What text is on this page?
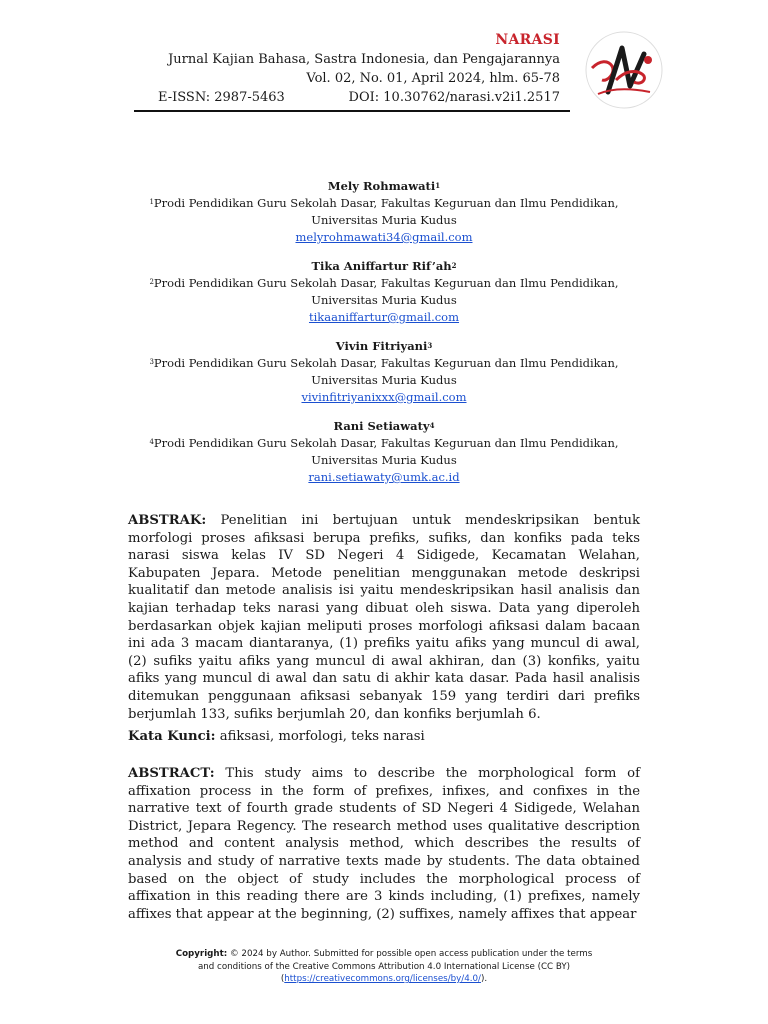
NARASI
Jurnal Kajian Bahasa, Sastra Indonesia, dan Pengajarannya
Vol. 02, No. 01, April 2024, hlm. 65-78
E-ISSN: 2987-5463	DOI: 10.30762/narasi.v2i1.2517
Mely Rohmawati$^1$
$^1$Prodi Pendidikan Guru Sekolah Dasar, Fakultas Keguruan dan Ilmu Pendidikan,
Universitas Muria Kudus
melyrohmawati34@gmail.com
Tika Aniffartur $Rif’ah^2$
$^2$Prodi Pendidikan Guru Sekolah Dasar, Fakultas Keguruan dan Ilmu Pendidikan,
Universitas Muria Kudus
tikaaniffartur@gmail.com
Vivin Fitriyani$^3$
$^3$Prodi Pendidikan Guru Sekolah Dasar, Fakultas Keguruan dan Ilmu Pendidikan,
Universitas Muria Kudus
vivinfitriyanixxx@gmail.com
Rani Setiawaty$^4$
$^4$Prodi Pendidikan Guru Sekolah Dasar, Fakultas Keguruan dan Ilmu Pendidikan,
Universitas Muria Kudus
rani.setiawaty@umk.ac.id
ABSTRAK: Penelitian ini bertujuan untuk mendeskripsikan bentuk morfologi proses afiksasi berupa prefiks, sufiks, dan konfiks pada teks narasi siswa kelas IV SD Negeri 4 Sidigede, Kecamatan Welahan, Kabupaten Jepara. Metode penelitian menggunakan metode deskripsi kualitatif dan metode analisis isi yaitu mendeskripsikan hasil analisis dan kajian terhadap teks narasi yang dibuat oleh siswa. Data yang diperoleh berdasarkan objek kajian meliputi proses morfologi afiksasi dalam bacaan ini ada 3 macam diantaranya, (1) prefiks yaitu afiks yang muncul di awal, (2) sufiks yaitu afiks yang muncul di awal akhiran, dan (3) konfiks, yaitu afiks yang muncul di awal dan satu di akhir kata dasar. Pada hasil analisis ditemukan penggunaan afiksasi sebanyak 159 yang terdiri dari prefiks berjumlah 133, sufiks berjumlah 20, dan konfiks berjumlah 6.
Kata Kunci: afiksasi, morfologi, teks narasi
ABSTRACT: This study aims to describe the morphological form of affixation process in the form of prefixes, infixes, and confixes in the narrative text of fourth grade students of SD Negeri 4 Sidigede, Welahan District, Jepara Regency. The research method uses qualitative description method and content analysis method, which describes the results of analysis and study of narrative texts made by students. The data obtained based on the object of study includes the morphological process of affixation in this reading there are 3 kinds including, (1) prefixes, namely affixes that appear at the beginning, (2) suffixes, namely affixes that appear
Copyright: © 2024 by Author. Submitted for possible open access publication under the terms
and conditions of the Creative Commons Attribution 4.0 International License (CC BY)
(https://creativecommons.org/licenses/by/4.0/).
